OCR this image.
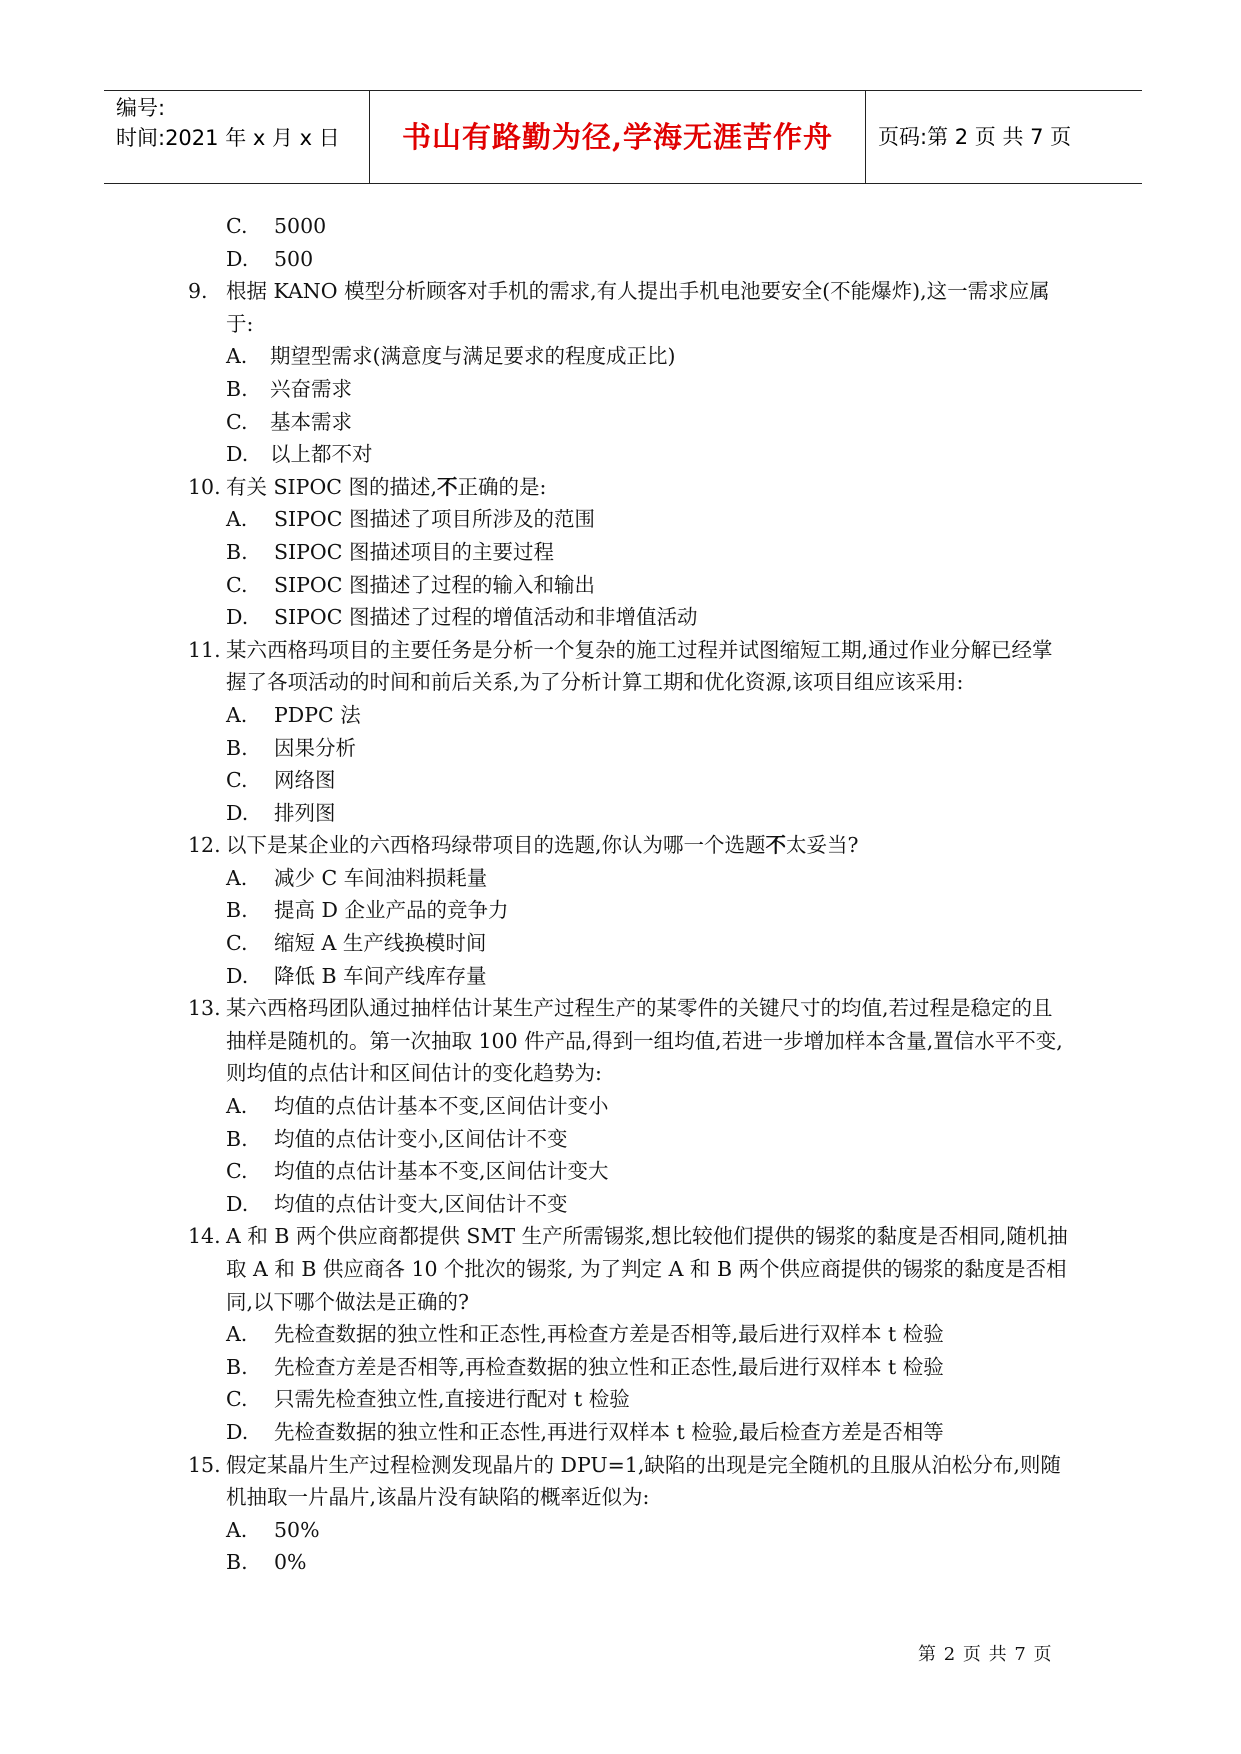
编号:
时间:2021 年 x 月 x 日	书山有路勤为径,学海无涯苦作舟	页码:第 2 页 共 7 页
C. 5000
D. 500
9. 根据 KANO 模型分析顾客对手机的需求,有人提出手机电池要安全(不能爆炸),这一需求应属于:
A. 期望型需求(满意度与满足要求的程度成正比)
B. 兴奋需求
C. 基本需求
D. 以上都不对
10. 有关 SIPOC 图的描述,不正确的是:
A. SIPOC 图描述了项目所涉及的范围
B. SIPOC 图描述项目的主要过程
C. SIPOC 图描述了过程的输入和输出
D. SIPOC 图描述了过程的增值活动和非增值活动
11. 某六西格玛项目的主要任务是分析一个复杂的施工过程并试图缩短工期,通过作业分解已经掌握了各项活动的时间和前后关系,为了分析计算工期和优化资源,该项目组应该采用:
A. PDPC 法
B. 因果分析
C. 网络图
D. 排列图
12. 以下是某企业的六西格玛绿带项目的选题,你认为哪一个选题不太妥当?
A. 减少 C 车间油料损耗量
B. 提高 D 企业产品的竞争力
C. 缩短 A 生产线换模时间
D. 降低 B 车间产线库存量
13. 某六西格玛团队通过抽样估计某生产过程生产的某零件的关键尺寸的均值,若过程是稳定的且抽样是随机的。第一次抽取 100 件产品,得到一组均值,若进一步增加样本含量,置信水平不变,则均值的点估计和区间估计的变化趋势为:
A. 均值的点估计基本不变,区间估计变小
B. 均值的点估计变小,区间估计不变
C. 均值的点估计基本不变,区间估计变大
D. 均值的点估计变大,区间估计不变
14. A 和 B 两个供应商都提供 SMT 生产所需锡浆,想比较他们提供的锡浆的黏度是否相同,随机抽取 A 和 B 供应商各 10 个批次的锡浆, 为了判定 A 和 B 两个供应商提供的锡浆的黏度是否相同,以下哪个做法是正确的?
A. 先检查数据的独立性和正态性,再检查方差是否相等,最后进行双样本 t 检验
B. 先检查方差是否相等,再检查数据的独立性和正态性,最后进行双样本 t 检验
C. 只需先检查独立性,直接进行配对 t 检验
D. 先检查数据的独立性和正态性,再进行双样本 t 检验,最后检查方差是否相等
15. 假定某晶片生产过程检测发现晶片的 DPU=1,缺陷的出现是完全随机的且服从泊松分布,则随机抽取一片晶片,该晶片没有缺陷的概率近似为:
A. 50%
B. 0%
第 2 页 共 7 页
